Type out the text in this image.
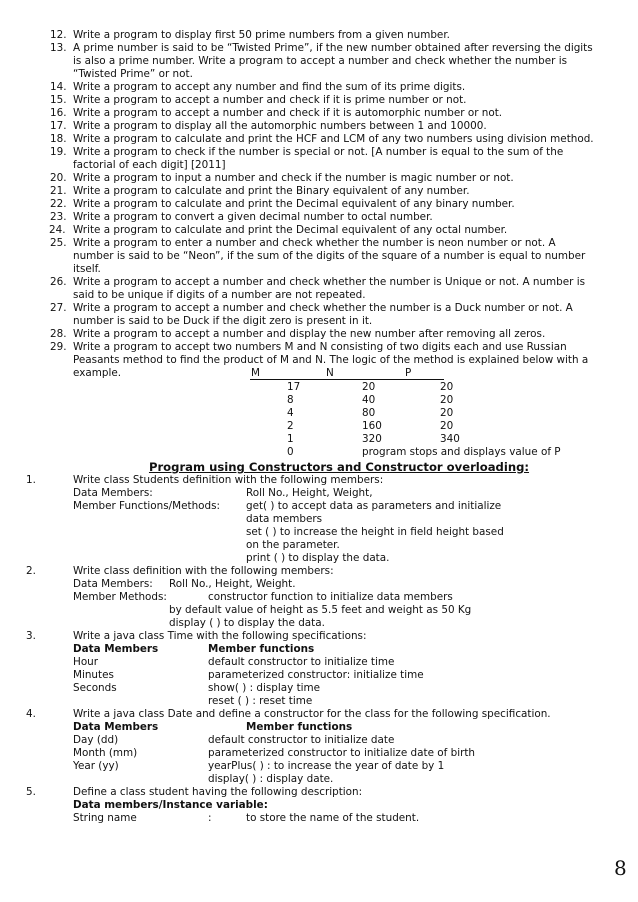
12. Write a program to display first 50 prime numbers from a given number.
13. A prime number is said to be “Twisted Prime”, if the new number obtained after reversing the digits is also a prime number. Write a program to accept a number and check whether the number is “Twisted Prime” or not.
14. Write a program to accept any number and find the sum of its prime digits.
15. Write a program to accept a number and check if it is prime number or not.
16. Write a program to accept a number and check if it is automorphic number or not.
17. Write a program to display all the automorphic numbers between 1 and 10000.
18. Write a program to calculate and print the HCF and LCM of any two numbers using division method.
19. Write a program to check if the number is special or not. [A number is equal to the sum of the factorial of each digit] [2011]
20. Write a program to input a number and check if the number is magic number or not.
21. Write a program to calculate and print the Binary equivalent of any number.
22. Write a program to calculate and print the Decimal equivalent of any binary number.
23. Write a program to convert a given decimal number to octal number.
24. Write a program to calculate and print the Decimal equivalent of any octal number.
25. Write a program to enter a number and check whether the number is neon number or not. A number is said to be “Neon”, if the sum of the digits of the square of a number is equal to number itself.
26. Write a program to accept a number and check whether the number is Unique or not. A number is said to be unique if digits of a number are not repeated.
27. Write a program to accept a number and check whether the number is a Duck number or not. A number is said to be Duck if the digit zero is present in it.
28. Write a program to accept a number and display the new number after removing all zeros.
29. Write a program to accept two numbers M and N consisting of two digits each and use Russian Peasants method to find the product of M and N. The logic of the method is explained below with a example.	M	N	P
17	20	20
8	40	20
4	80	20
2	160	20
1	320	340
0	program stops and displays value of P
Program using Constructors and Constructor overloading:
1.	Write class Students definition with the following members:
Data Members:	Roll No., Height, Weight,
Member Functions/Methods: get( ) to accept data as parameters and initialize
data members
set ( ) to increase the height in field height based
on the parameter.
print ( ) to display the data.
2.	Write class definition with the following members:
Data Members: Roll No., Height, Weight.
Member Methods:	constructor function to initialize data members
by default value of height as 5.5 feet and weight as 50 Kg
display ( ) to display the data.
3.	Write a java class Time with the following specifications:
Data Members	Member functions
Hour	default constructor to initialize time
Minutes	parameterized constructor: initialize time
Seconds	show( ) : display time
reset ( ) : reset time
4.	Write a java class Date and define a constructor for the class for the following specification.
Data Members	Member functions
Day (dd)	default constructor to initialize date
Month (mm)	parameterized constructor to initialize date of birth
Year (yy)	yearPlus( ) : to increase the year of date by 1
display( ) : display date.
5.	Define a class student having the following description:
Data members/Instance variable:
String name	:	to store the name of the student.
8
